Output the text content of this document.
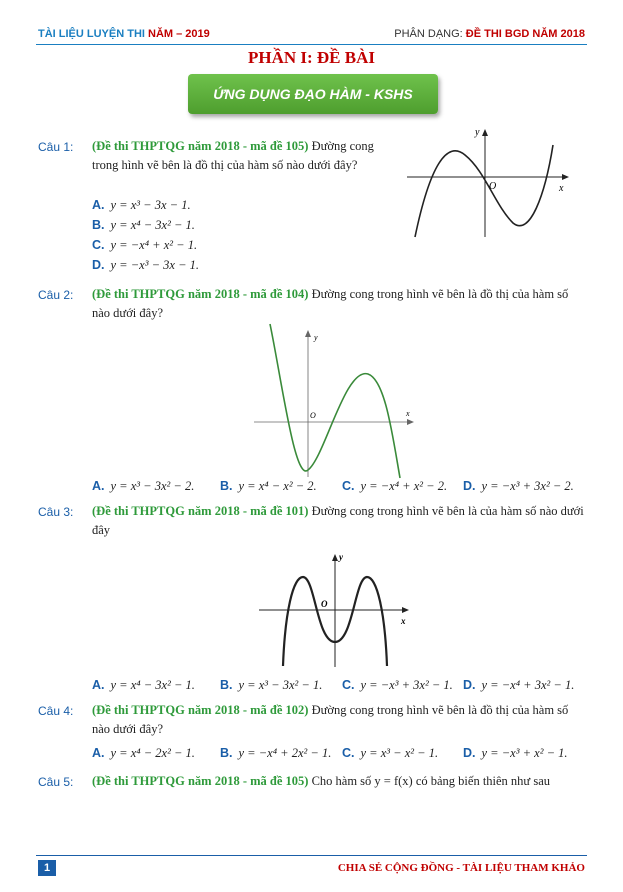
TÀI LIỆU LUYỆN THI NĂM – 2019	PHÂN DẠNG: ĐỀ THI BGD NĂM 2018
PHẦN I: ĐỀ BÀI
ỨNG DỤNG ĐẠO HÀM - KSHS
Câu 1: (Đề thi THPTQG năm 2018 - mã đề 105) Đường cong trong hình vẽ bên là đồ thị của hàm số nào dưới đây?
A. y = x³ − 3x − 1.
B. y = x⁴ − 3x² − 1.
C. y = −x⁴ + x² − 1.
D. y = −x³ − 3x − 1.
y
x
O
Câu 2: (Đề thi THPTQG năm 2018 - mã đề 104) Đường cong trong hình vẽ bên là đồ thị của hàm số nào dưới đây?
y
x
O
A. y = x³ − 3x² − 2. B. y = x⁴ − x² − 2. C. y = −x⁴ + x² − 2. D. y = −x³ + 3x² − 2.
Câu 3: (Đề thi THPTQG năm 2018 - mã đề 101) Đường cong trong hình vẽ bên là của hàm số nào dưới đây
y
x
O
A. y = x⁴ − 3x² − 1. B. y = x³ − 3x² − 1. C. y = −x³ + 3x² − 1. D. y = −x⁴ + 3x² − 1.
Câu 4: (Đề thi THPTQG năm 2018 - mã đề 102) Đường cong trong hình vẽ bên là đồ thị của hàm số nào dưới đây?
A. y = x⁴ − 2x² − 1. B. y = −x⁴ + 2x² − 1. C. y = x³ − x² − 1. D. y = −x³ + x² − 1.
Câu 5: (Đề thi THPTQG năm 2018 - mã đề 105) Cho hàm số y = f(x) có bảng biến thiên như sau
1	CHIA SẺ CỘNG ĐỒNG - TÀI LIỆU THAM KHẢO
